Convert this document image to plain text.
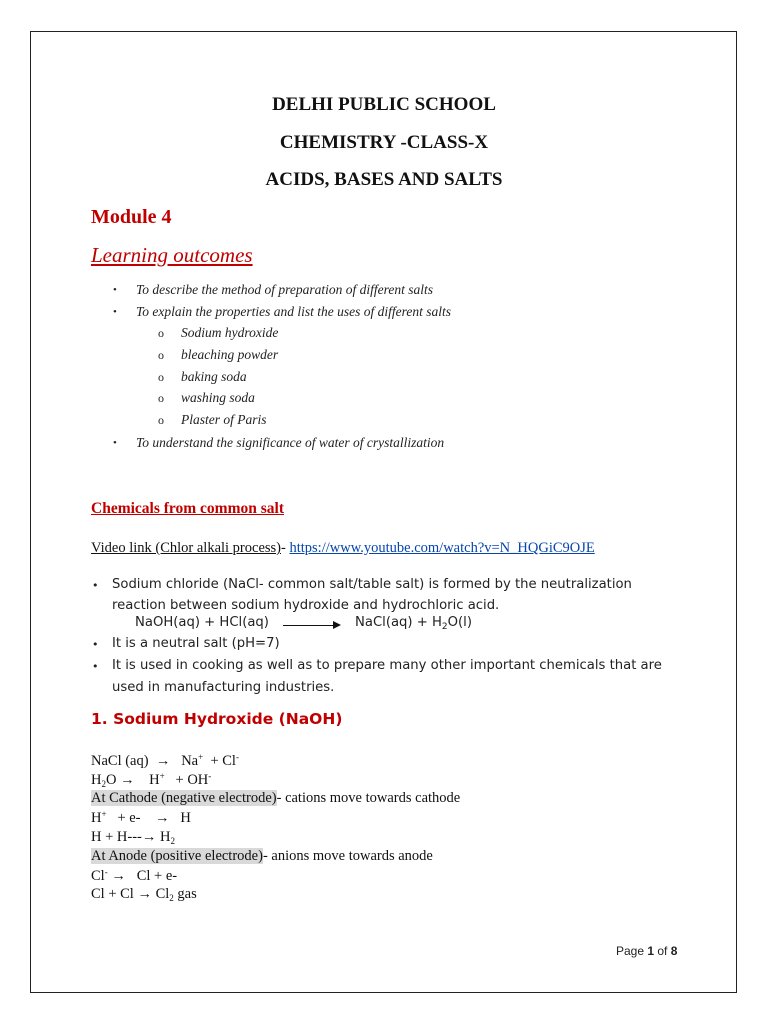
DELHI PUBLIC SCHOOL
CHEMISTRY -CLASS-X
ACIDS, BASES AND SALTS
Module 4
Learning outcomes
• To describe the method of preparation of different salts
• To explain the properties and list the uses of different salts
o Sodium hydroxide
o bleaching powder
o baking soda
o washing soda
o Plaster of Paris
• To understand the significance of water of crystallization
Chemicals from common salt
Video link (Chlor alkali process)- https://www.youtube.com/watch?v=N_HQGiC9OJE
• Sodium chloride (NaCl- common salt/table salt) is formed by the neutralization
reaction between sodium hydroxide and hydrochloric acid.
NaOH(aq) + HCl(aq)	NaCl(aq) + $H_2O(l)$
• It is a neutral salt (pH=7)
• It is used in cooking as well as to prepare many other important chemicals that are
used in manufacturing industries.
1. Sodium Hydroxide (NaOH)
NaCl (aq) → Na+ + Cl-
$H_2O \to H^+ + OH^-$
At Cathode (negative electrode)- cations move towards cathode
H+ + e- → H
$H + H---\to H_2$
At Anode (positive electrode)- anions move towards anode
Cl- → Cl + e-
$Cl + Cl \to Cl_2$ gas
Page 1 of 8
